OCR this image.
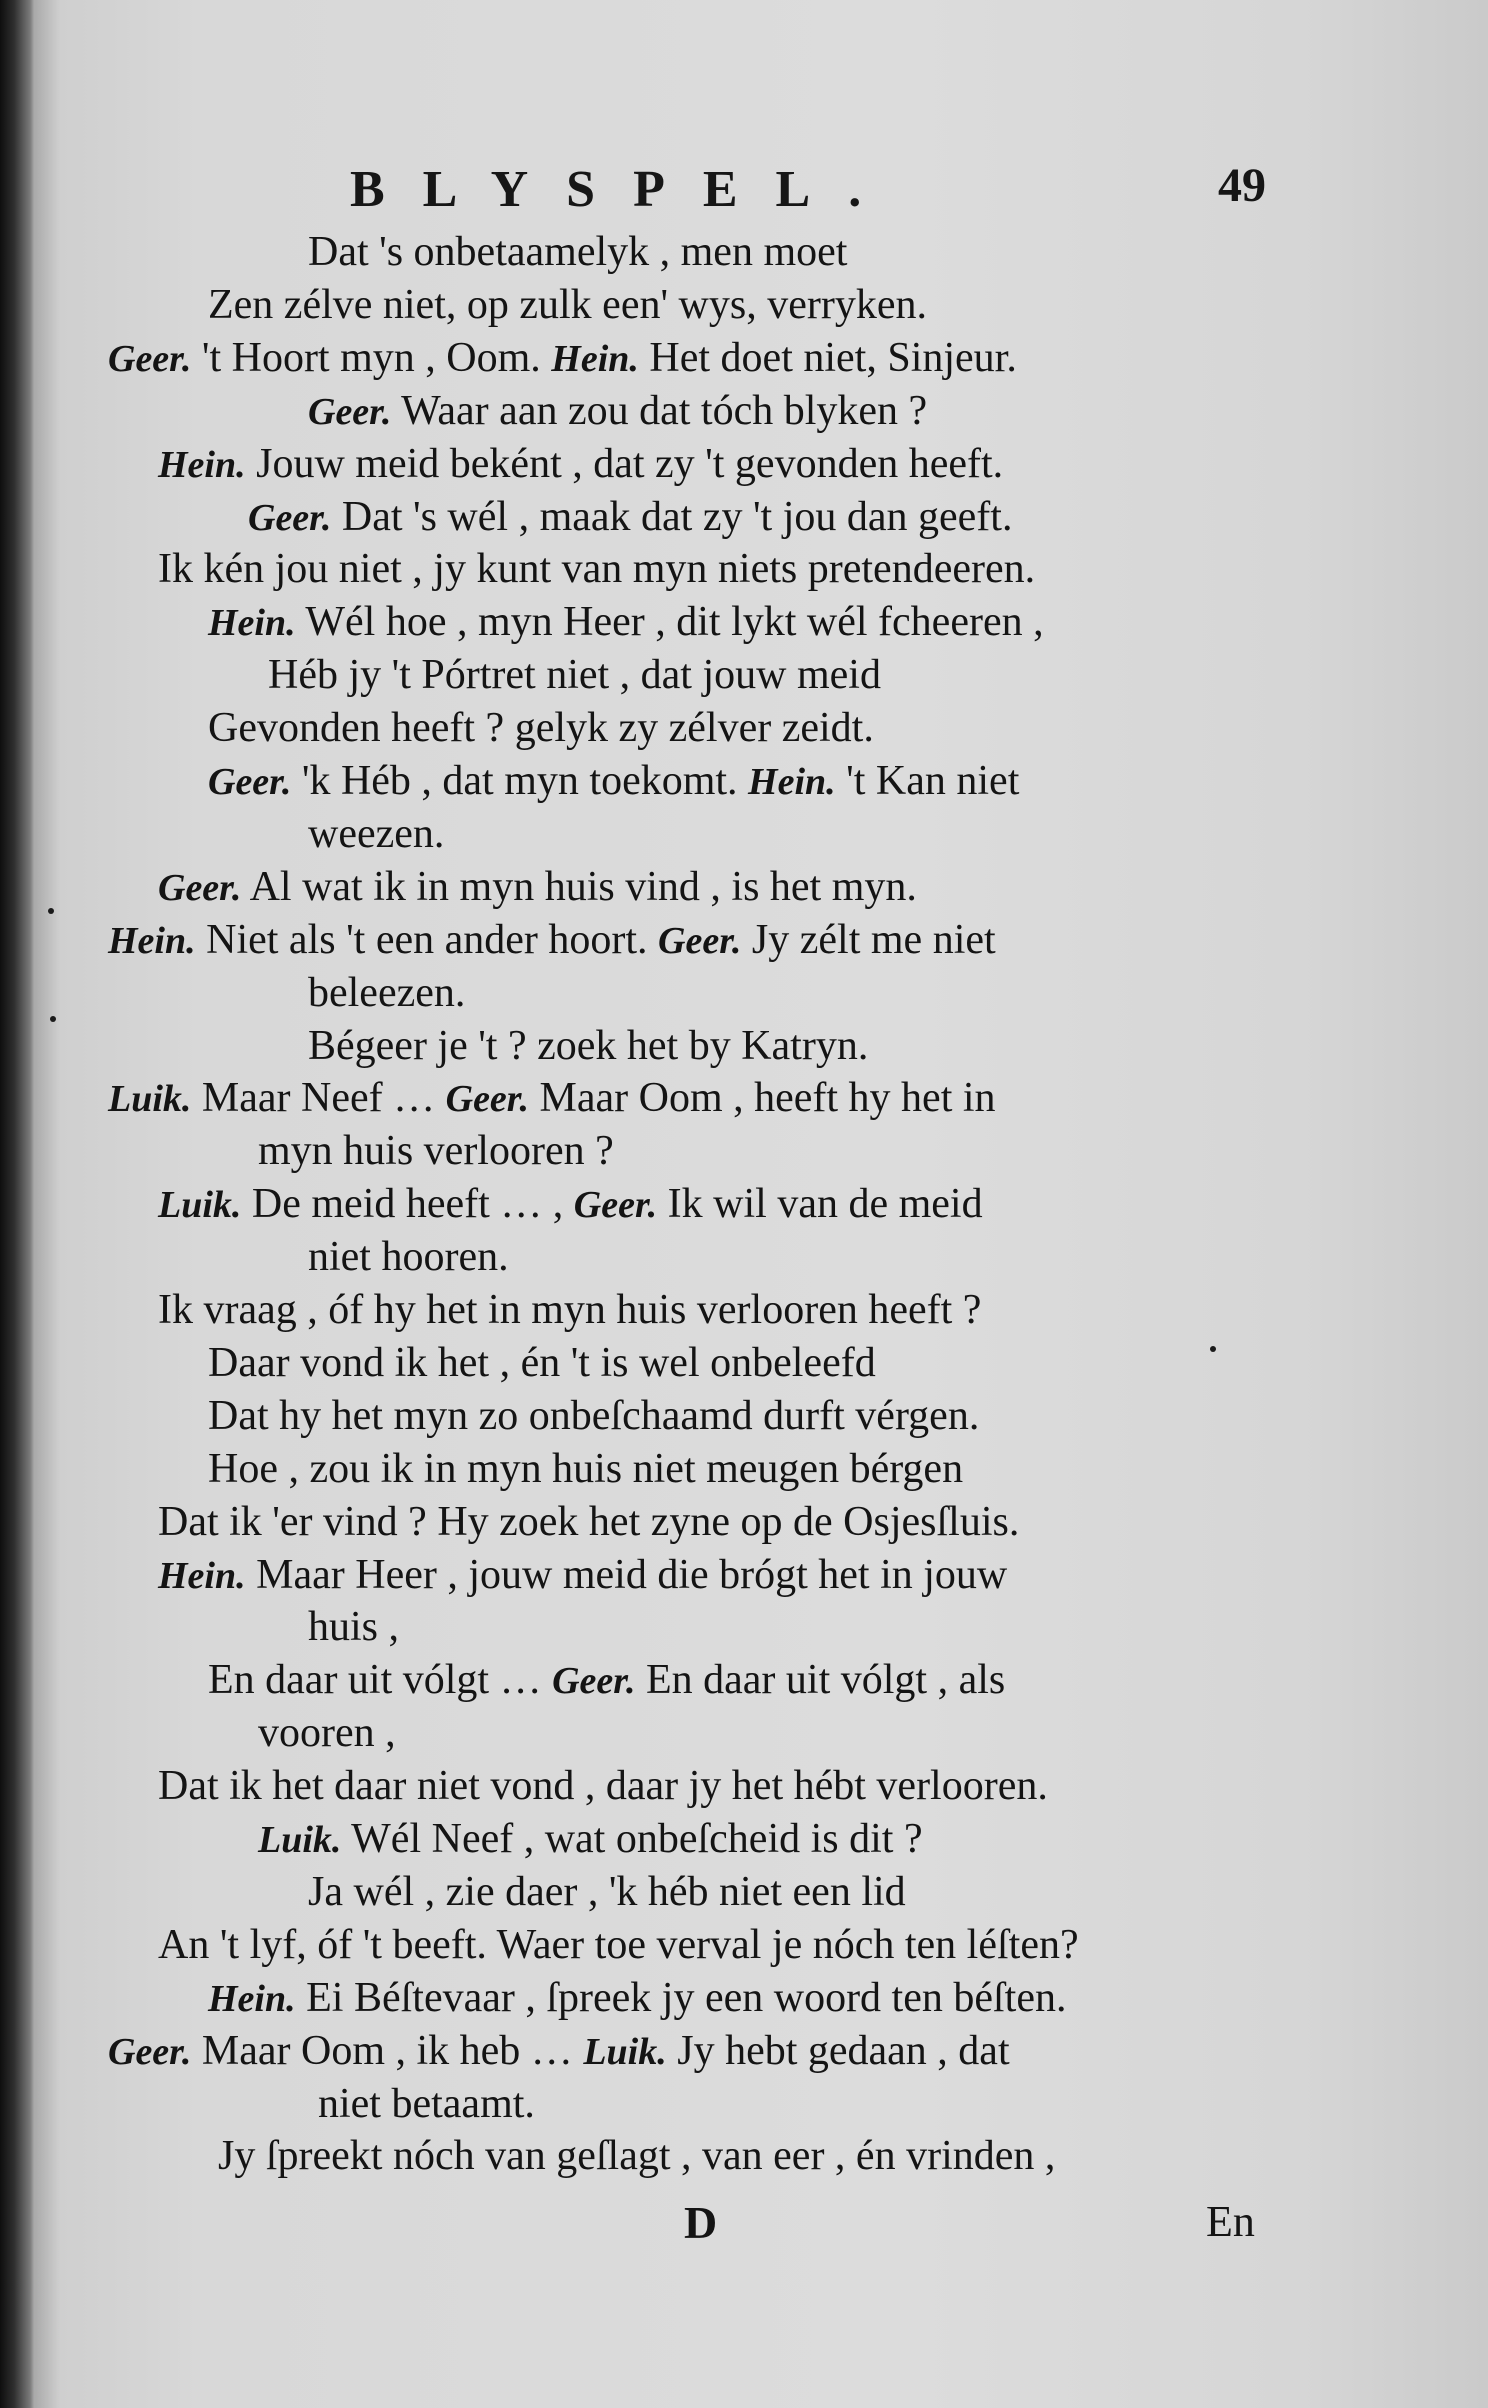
BLYSPEL.	49
Dat 's onbetaamelyk , men moet
Zen zélve niet, op zulk een' wys, verryken.
Geer. 't Hoort myn , Oom. Hein. Het doet niet, Sinjeur.
Geer. Waar aan zou dat tóch blyken ?
Hein. Jouw meid beként , dat zy 't gevonden heeft.
Geer. Dat 's wél , maak dat zy 't jou dan geeft.
Ik kén jou niet , jy kunt van myn niets pretendeeren.
Hein. Wél hoe , myn Heer , dit lykt wél fcheeren ,
Héb jy 't Pórtret niet , dat jouw meid
Gevonden heeft ? gelyk zy zélver zeidt.
Geer. 'k Héb , dat myn toekomt. Hein. 't Kan niet
weezen.
Geer. Al wat ik in myn huis vind , is het myn.
Hein. Niet als 't een ander hoort. Geer. Jy zélt me niet
beleezen.
Bégeer je 't ? zoek het by Katryn.
Luik. Maar Neef … Geer. Maar Oom , heeft hy het in
myn huis verlooren ?
Luik. De meid heeft … , Geer. Ik wil van de meid
niet hooren.
Ik vraag , óf hy het in myn huis verlooren heeft ?
Daar vond ik het , én 't is wel onbeleefd
Dat hy het myn zo onbeſchaamd durft vérgen.
Hoe , zou ik in myn huis niet meugen bérgen
Dat ik 'er vind ? Hy zoek het zyne op de Osjesſluis.
Hein. Maar Heer , jouw meid die brógt het in jouw
huis ,
En daar uit vólgt … Geer. En daar uit vólgt , als
vooren ,
Dat ik het daar niet vond , daar jy het hébt verlooren.
Luik. Wél Neef , wat onbeſcheid is dit ?
Ja wél , zie daer , 'k héb niet een lid
An 't lyf, óf 't beeft. Waer toe verval je nóch ten léſten?
Hein. Ei Béſtevaar , ſpreek jy een woord ten béſten.
Geer. Maar Oom , ik heb … Luik. Jy hebt gedaan , dat
niet betaamt.
Jy ſpreekt nóch van geſlagt , van eer , én vrinden ,
D	En
